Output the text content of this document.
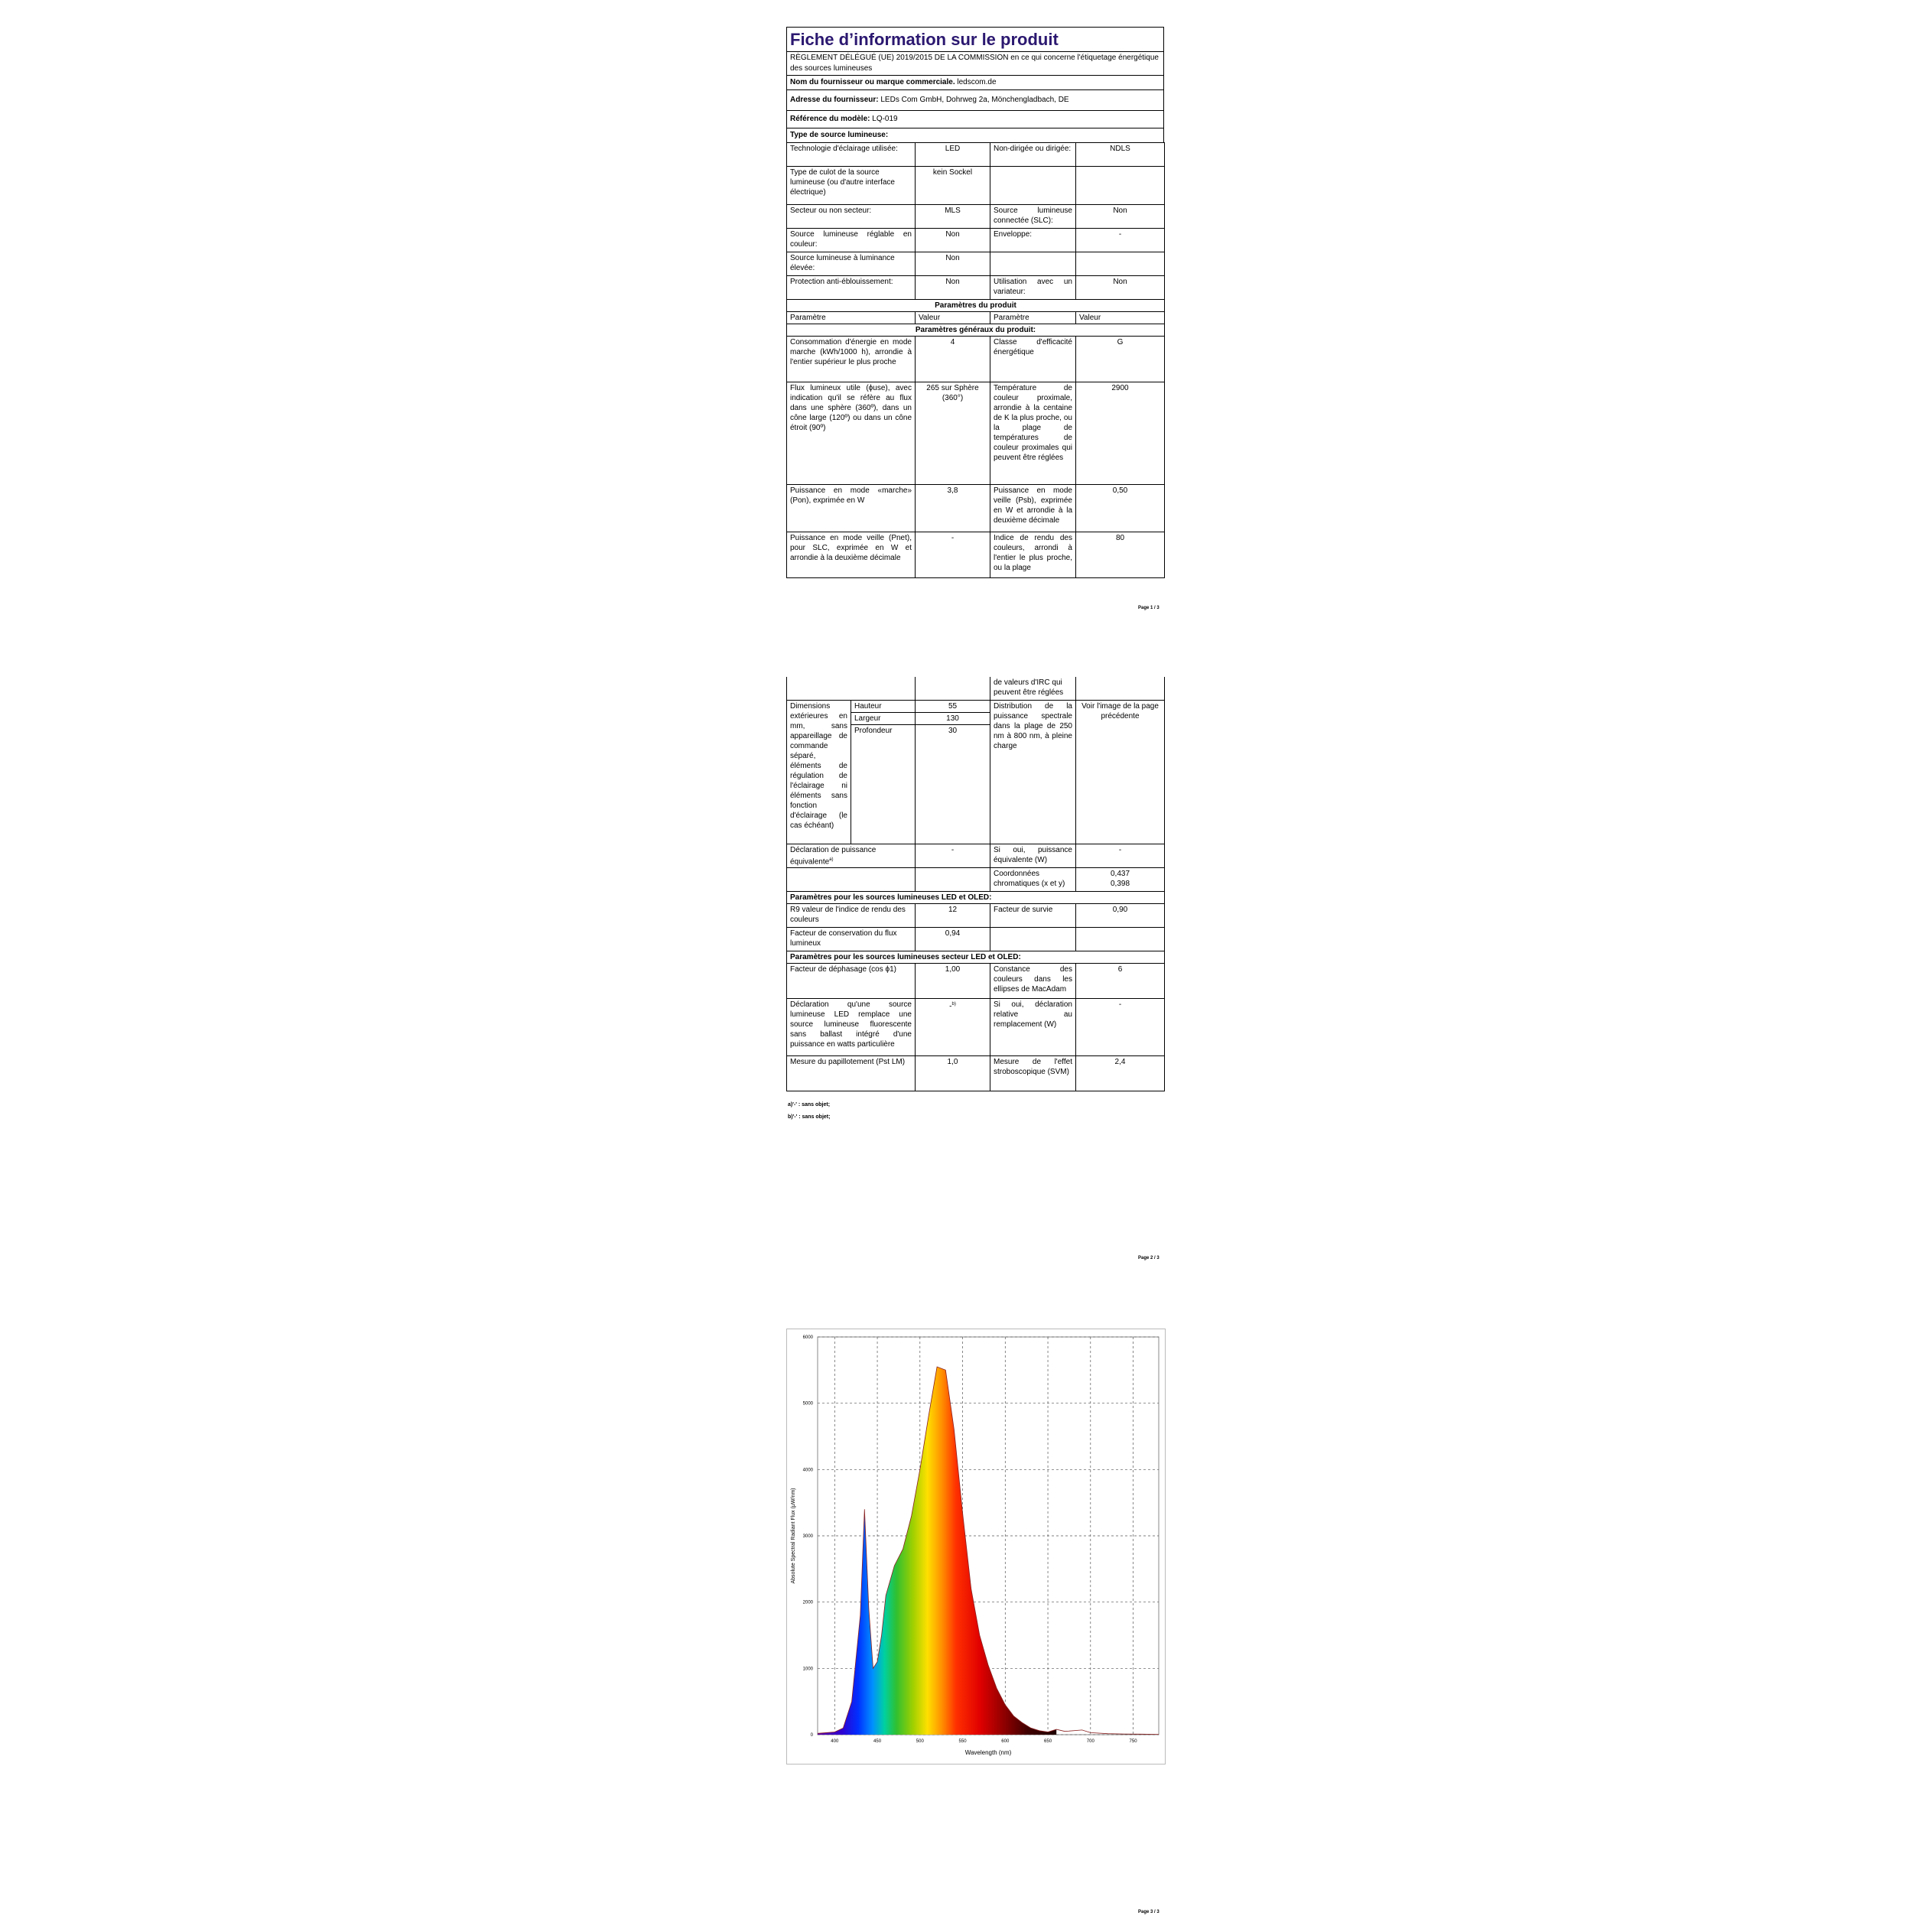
Fiche d’information sur le produit
RÈGLEMENT DÉLÉGUÉ (UE) 2019/2015 DE LA COMMISSION en ce qui concerne l'étiquetage énergétique des sources lumineuses
Nom du fournisseur ou marque commerciale. ledscom.de
Adresse du fournisseur: LEDs Com GmbH, Dohrweg 2a, Mönchengladbach, DE
Référence du modèle: LQ-019
Type de source lumineuse:
Technologie d'éclairage utilisée:	LED	Non-dirigée ou dirigée:	NDLS
Type de culot de la source lumineuse (ou d'autre interface électrique)	kein Sockel		
Secteur ou non secteur:	MLS	Source lumineuse connectée (SLC):	Non
Source lumineuse réglable en couleur:	Non	Enveloppe:	-
Source lumineuse à luminance élevée:	Non		
Protection anti-éblouissement:	Non	Utilisation avec un variateur:	Non
Paramètres du produit			
Paramètre	Valeur	Paramètre	Valeur
Paramètres généraux du produit:			
Consommation d'énergie en mode marche (kWh/1000 h), arrondie à l'entier supérieur le plus proche	4	Classe d'efficacité énergétique	G
Flux lumineux utile (ϕuse), avec indication qu'il se réfère au flux dans une sphère (360º), dans un cône large (120º) ou dans un cône étroit (90º)	265 sur Sphère (360°)	Température de couleur proximale, arrondie à la centaine de K la plus proche, ou la plage de températures de couleur proximales qui peuvent être réglées	2900
Puissance en mode «marche» (Pon), exprimée en W	3,8	Puissance en mode veille (Psb), exprimée en W et arrondie à la deuxième décimale	0,50
Puissance en mode veille (Pnet), pour SLC, exprimée en W et arrondie à la deuxième décimale	-	Indice de rendu des couleurs, arrondi à l'entier le plus proche, ou la plage	80
Page 1 / 3
			de valeurs d'IRC qui peuvent être réglées	
Dimensions extérieures en mm, sans appareillage de commande séparé, éléments de régulation de l'éclairage ni éléments sans fonction d'éclairage (le cas échéant)	Hauteur	55	Distribution de la puissance spectrale dans la plage de 250 nm à 800 nm, à pleine charge	Voir l'image de la page précédente
	Largeur	130		
	Profondeur	30		
Déclaration de puissance équivalente$^{a)}$		-	Si oui, puissance équivalente (W)	-
			Coordonnées chromatiques (x et y)	0,437
0,398

Paramètres pour les sources lumineuses LED et OLED:				
R9 valeur de l'indice de rendu des couleurs		12	Facteur de survie	0,90
Facteur de conservation du flux lumineux		0,94		
Paramètres pour les sources lumineuses secteur LED et OLED:				
Facteur de déphasage (cos ϕ1)		1,00	Constance des couleurs dans les ellipses de MacAdam	6
Déclaration qu'une source lumineuse LED remplace une source lumineuse fluorescente sans ballast intégré d'une puissance en watts particulière		-$^{b)}$	Si oui, déclaration relative au remplacement (W)	-
Mesure du papillotement (Pst LM)		1,0	Mesure de l'effet stroboscopique (SVM)	2,4
a)'-' : sans objet;
b)'-' : sans objet;
Page 2 / 3
400	450	500	550	600	650	700	750
0
1000
2000
3000
4000
5000
6000
Wavelength (nm)
Absolute Spectral Radiant Flux (μW/nm)
Page 3 / 3
